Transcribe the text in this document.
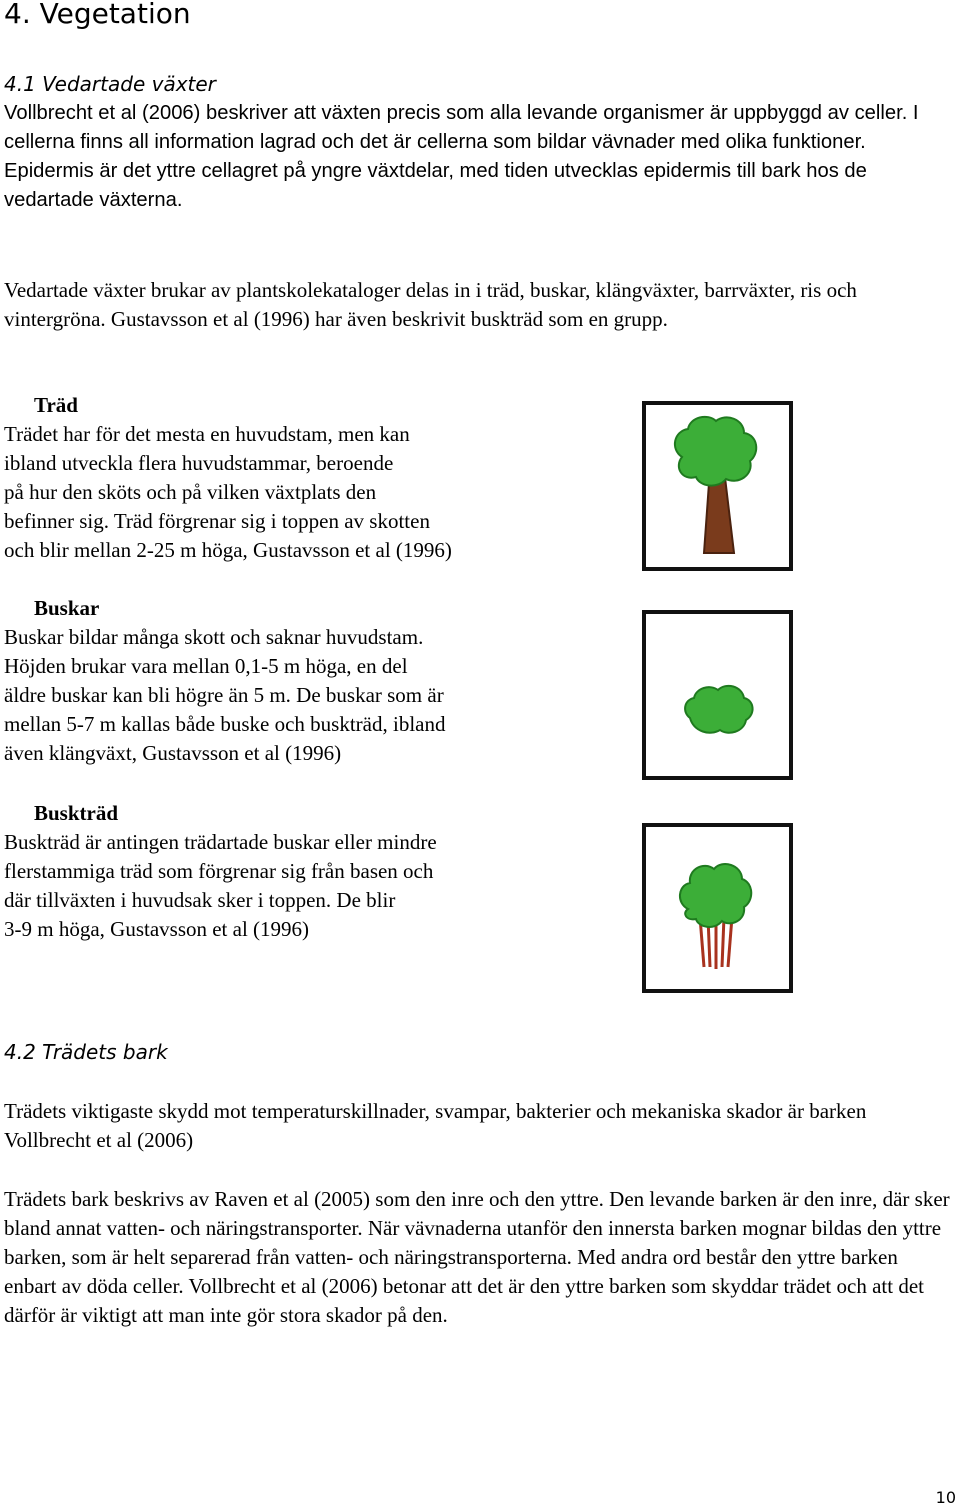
4. Vegetation
4.1 Vedartade växter

Vollbrecht et al (2006) beskriver att växten precis som alla levande organismer är uppbyggd av celler. I cellerna finns all information lagrad och det är cellerna som bildar vävnader med olika funktioner. Epidermis är det yttre cellagret på yngre växtdelar, med tiden utvecklas epidermis till bark hos de vedartade växterna.

Vedartade växter brukar av plantskolekataloger delas in i träd, buskar, klängväxter, barrväxter, ris och vintergröna. Gustavsson et al (1996) har även beskrivit buskträd som en grupp.

Träd
Trädet har för det mesta en huvudstam, men kan
ibland utveckla flera huvudstammar, beroende
på hur den sköts och på vilken växtplats den
befinner sig. Träd förgrenar sig i toppen av skotten
och blir mellan 2-25 m höga, Gustavsson et al (1996)
Buskar
Buskar bildar många skott och saknar huvudstam.
Höjden brukar vara mellan 0,1-5 m höga, en del
äldre buskar kan bli högre än 5 m. De buskar som är
mellan 5-7 m kallas både buske och buskträd, ibland
även klängväxt, Gustavsson et al (1996)
Buskträd
Buskträd är antingen trädartade buskar eller mindre
flerstammiga träd som förgrenar sig från basen och
där tillväxten i huvudsak sker i toppen. De blir
3-9 m höga, Gustavsson et al (1996)
4.2 Trädets bark

Trädets viktigaste skydd mot temperaturskillnader, svampar, bakterier och mekaniska skador är barken Vollbrecht et al (2006)

Trädets bark beskrivs av Raven et al (2005) som den inre och den yttre. Den levande barken är den inre, där sker bland annat vatten- och näringstransporter. När vävnaderna utanför den innersta barken mognar bildas den yttre barken, som är helt separerad från vatten- och näringstransporterna. Med andra ord består den yttre barken enbart av döda celler. Vollbrecht et al (2006) betonar att det är den yttre barken som skyddar trädet och att det därför är viktigt att man inte gör stora skador på den.

10
